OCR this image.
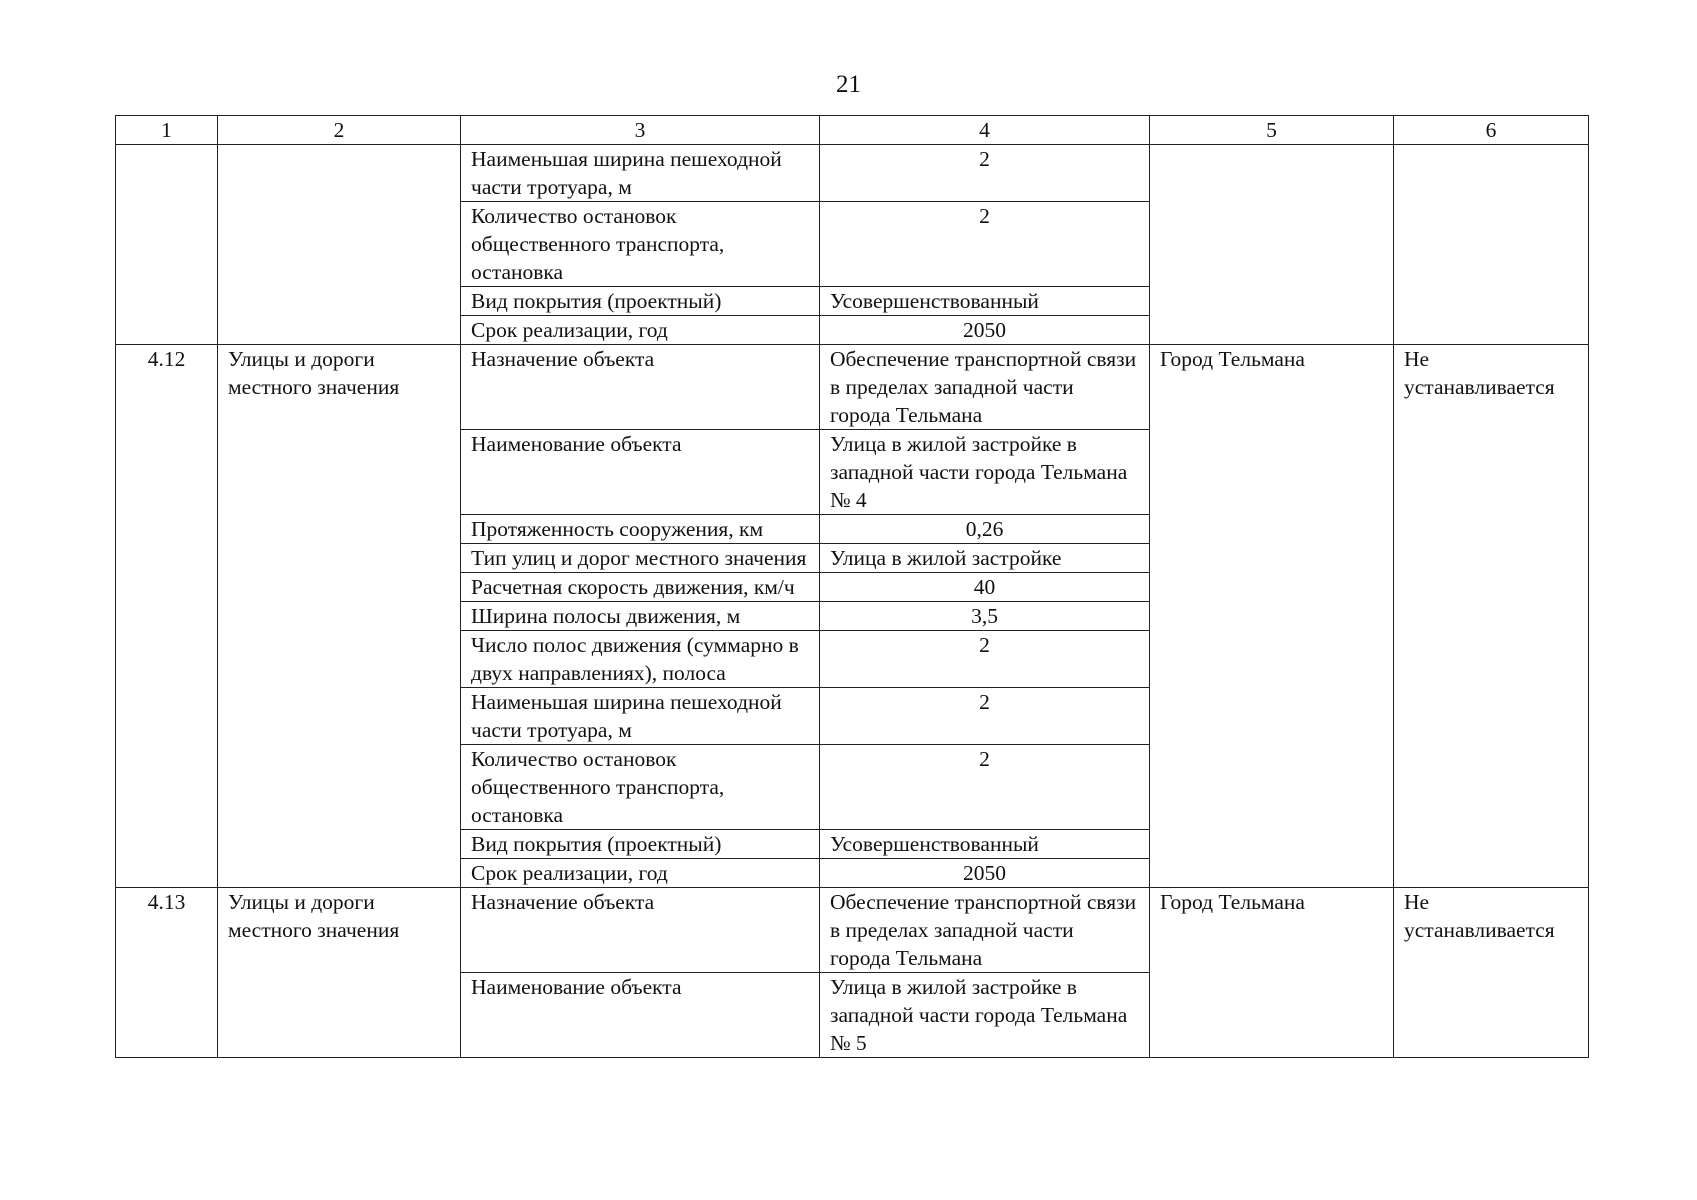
21
1	2	3	4	5	6
		Наименьшая ширина пешеходной части тротуара, м	2		
		Количество остановок общественного транспорта, остановка	2		
		Вид покрытия (проектный)	Усовершенствованный		
		Срок реализации, год	2050		
4.12	Улицы и дороги местного значения	Назначение объекта	Обеспечение транспортной связи в пределах западной части города Тельмана	Город Тельмана	Не устанавливается
		Наименование объекта	Улица в жилой застройке в западной части города Тельмана № 4		
		Протяженность сооружения, км	0,26		
		Тип улиц и дорог местного значения	Улица в жилой застройке		
		Расчетная скорость движения, км/ч	40		
		Ширина полосы движения, м	3,5		
		Число полос движения (суммарно в двух направлениях), полоса	2		
		Наименьшая ширина пешеходной части тротуара, м	2		
		Количество остановок общественного транспорта, остановка	2		
		Вид покрытия (проектный)	Усовершенствованный		
		Срок реализации, год	2050		
4.13	Улицы и дороги местного значения	Назначение объекта	Обеспечение транспортной связи в пределах западной части города Тельмана	Город Тельмана	Не устанавливается
		Наименование объекта	Улица в жилой застройке в западной части города Тельмана № 5		
